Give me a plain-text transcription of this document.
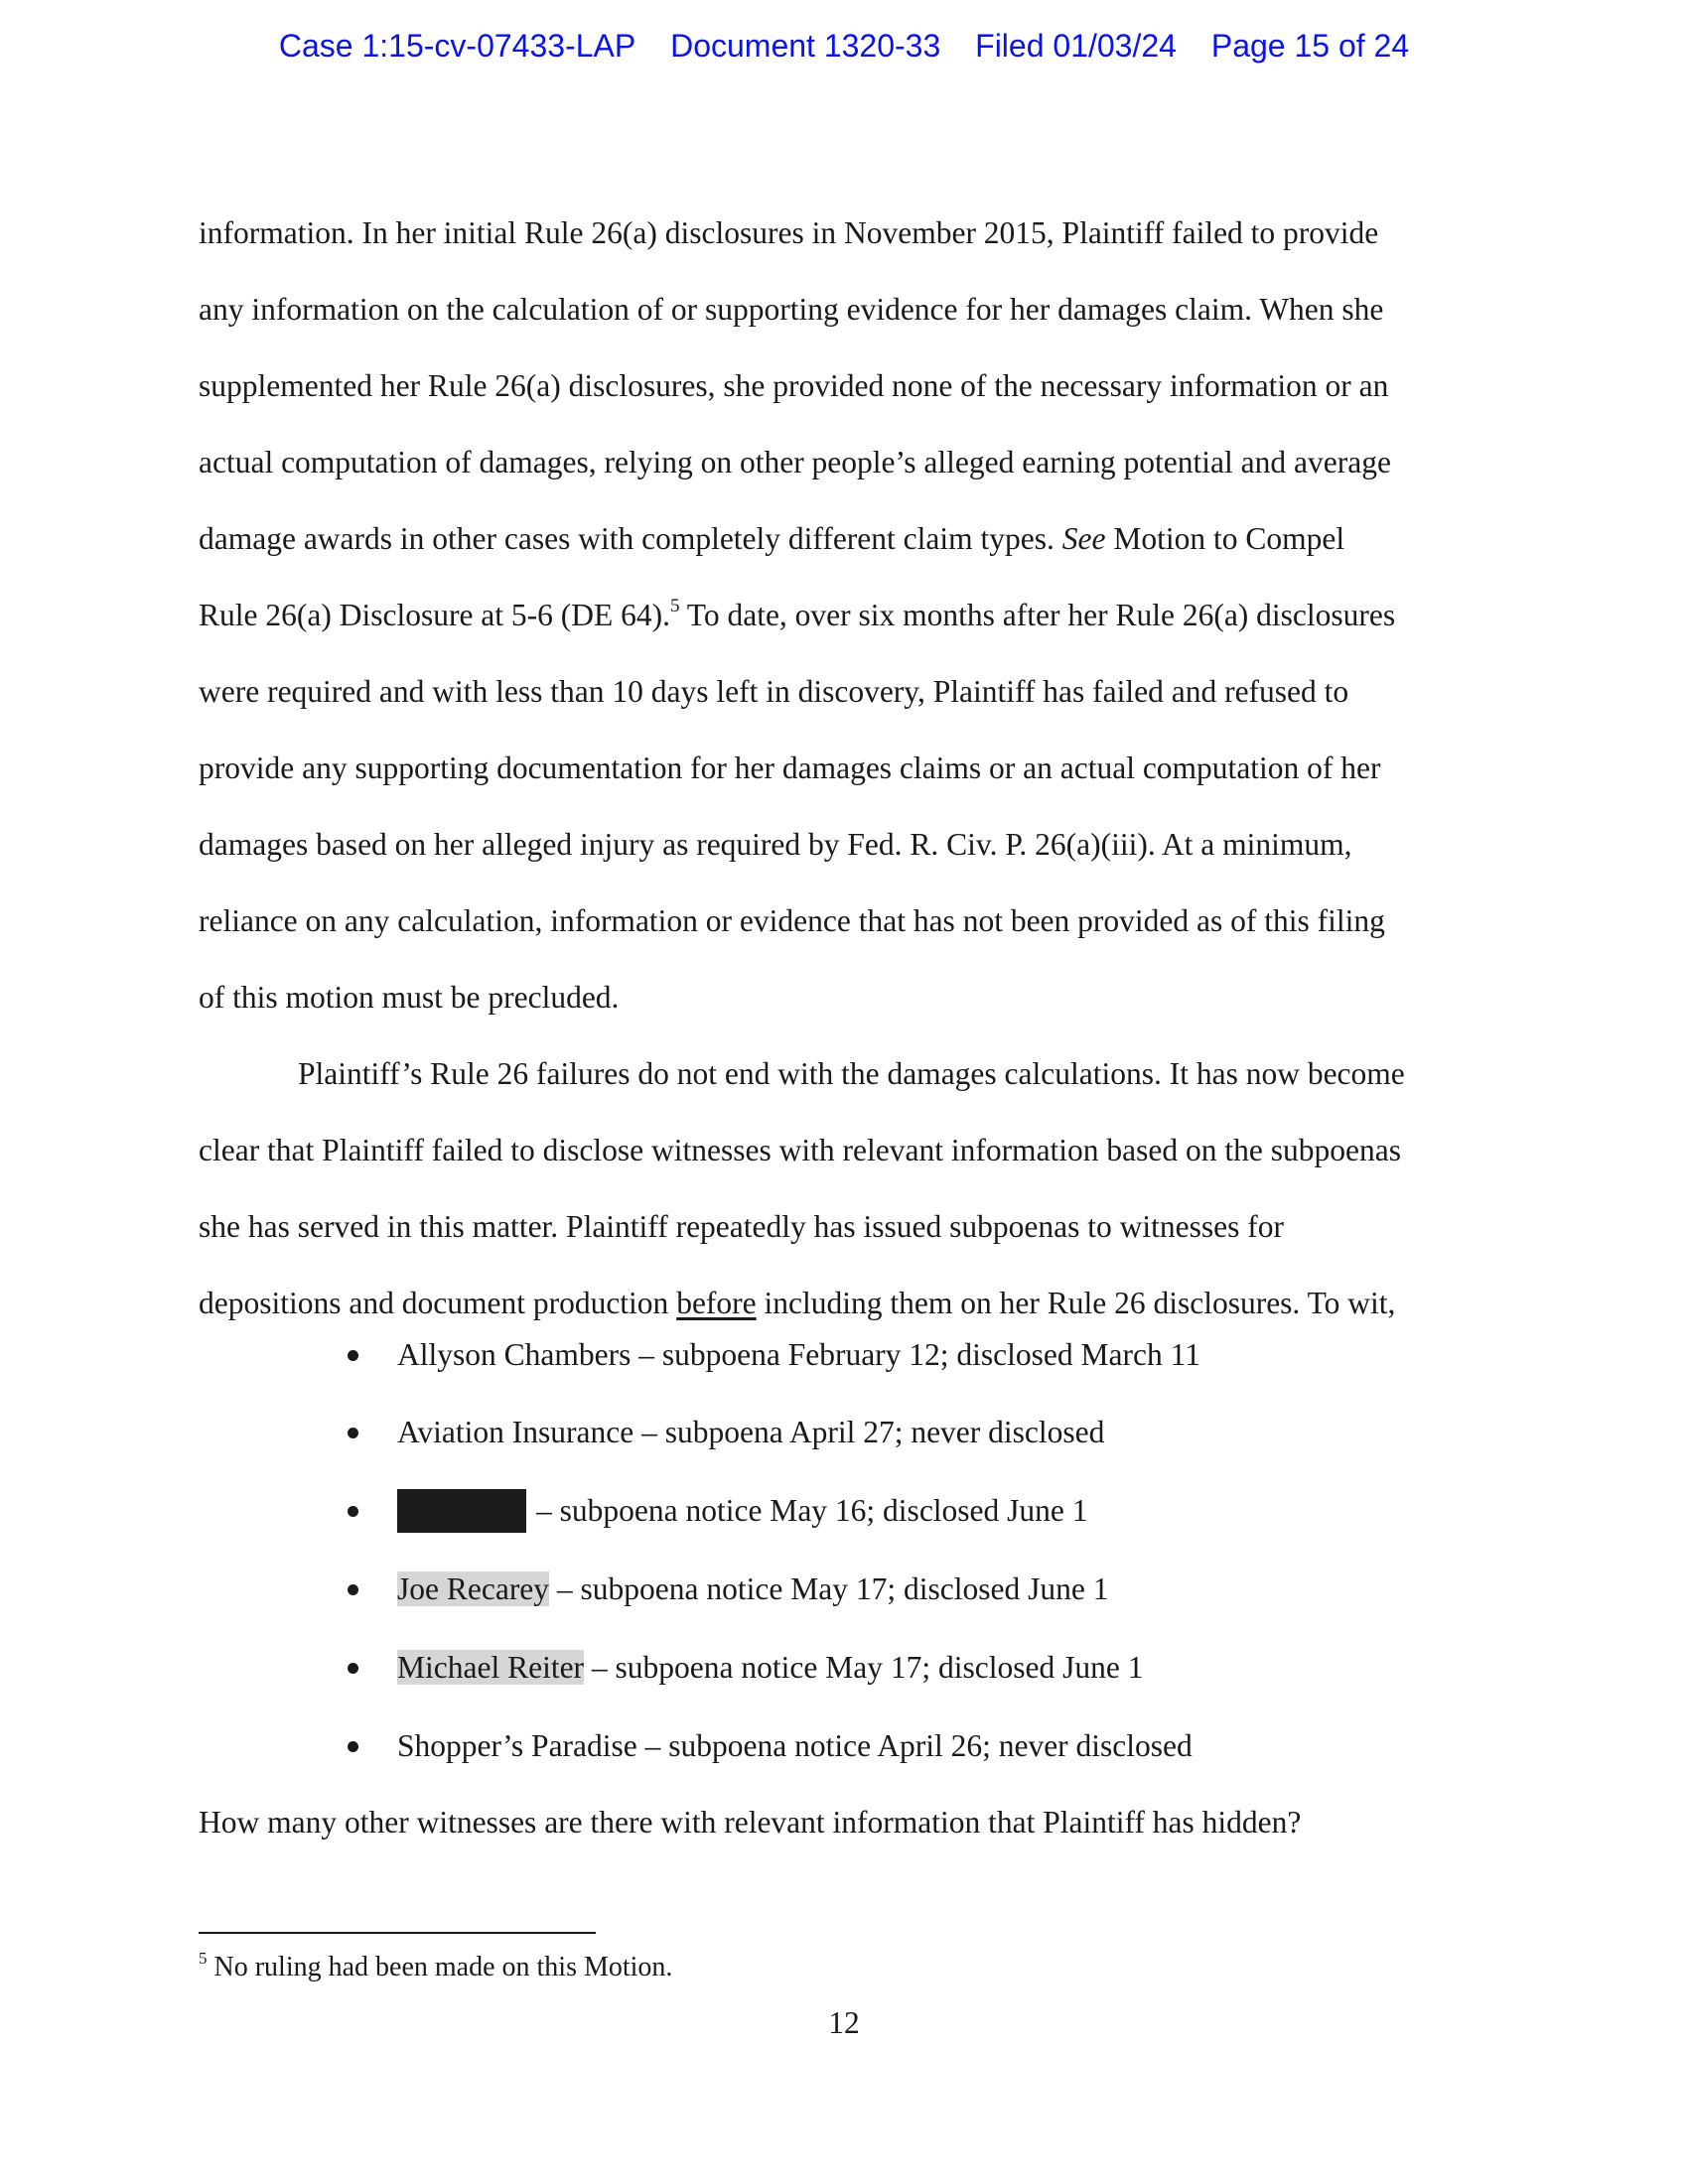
Case 1:15-cv-07433-LAP Document 1320-33 Filed 01/03/24 Page 15 of 24

information. In her initial Rule 26(a) disclosures in November 2015, Plaintiff failed to provide
any information on the calculation of or supporting evidence for her damages claim. When she
supplemented her Rule 26(a) disclosures, she provided none of the necessary information or an
actual computation of damages, relying on other people’s alleged earning potential and average
damage awards in other cases with completely different claim types. See Motion to Compel
Rule 26(a) Disclosure at 5-6 (DE 64).$^5$ To date, over six months after her Rule 26(a) disclosures
were required and with less than 10 days left in discovery, Plaintiff has failed and refused to
provide any supporting documentation for her damages claims or an actual computation of her
damages based on her alleged injury as required by Fed. R. Civ. P. 26(a)(iii). At a minimum,
reliance on any calculation, information or evidence that has not been provided as of this filing
of this motion must be precluded.

Plaintiff’s Rule 26 failures do not end with the damages calculations. It has now become
clear that Plaintiff failed to disclose witnesses with relevant information based on the subpoenas
she has served in this matter. Plaintiff repeatedly has issued subpoenas to witnesses for
depositions and document production before including them on her Rule 26 disclosures. To wit,

Allyson Chambers – subpoena February 12; disclosed March 11
Aviation Insurance – subpoena April 27; never disclosed
– subpoena notice May 16; disclosed June 1
Joe Recarey – subpoena notice May 17; disclosed June 1
Michael Reiter – subpoena notice May 17; disclosed June 1
Shopper’s Paradise – subpoena notice April 26; never disclosed
How many other witnesses are there with relevant information that Plaintiff has hidden?
$^5$ No ruling had been made on this Motion.
12
